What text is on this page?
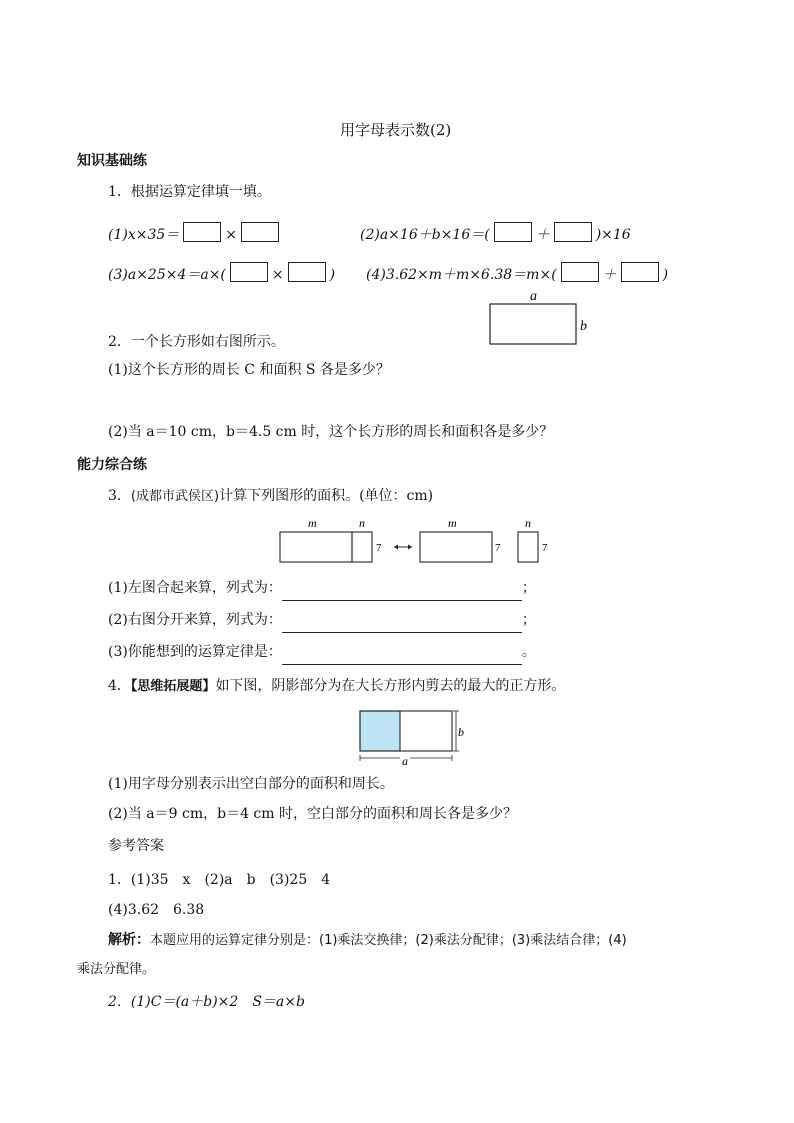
用字母表示数(2)
知识基础练
1．根据运算定律填一填。
(1)x×35＝	×	(2)a×16＋b×16＝(	＋	)×16
(3)a×25×4＝a×(	×	) (4)3.62×m＋m×6.38＝m×(	＋	)
a
b
2．一个长方形如右图所示。
(1)这个长方形的周长 C 和面积 S 各是多少？
(2)当 a＝10 cm，b＝4.5 cm 时，这个长方形的周长和面积各是多少？
能力综合练
3．(成都市武侯区)计算下列图形的面积。(单位：cm)
m	n
7
m
7
n
7
(1)左图合起来算，列式为：	；
(2)右图分开来算，列式为：	；
(3)你能想到的运算定律是：	。
4．【思维拓展题】如下图，阴影部分为在大长方形内剪去的最大的正方形。
b
a
(1)用字母分别表示出空白部分的面积和周长。
(2)当 a＝9 cm，b＝4 cm 时，空白部分的面积和周长各是多少？
参考答案
1．(1)35　x　(2)a　b　(3)25　4
(4)3.62　6.38
解析：本题应用的运算定律分别是：(1)乘法交换律；(2)乘法分配律；(3)乘法结合律；(4)
乘法分配律。
2．(1)C＝(a＋b)×2　S＝a×b
